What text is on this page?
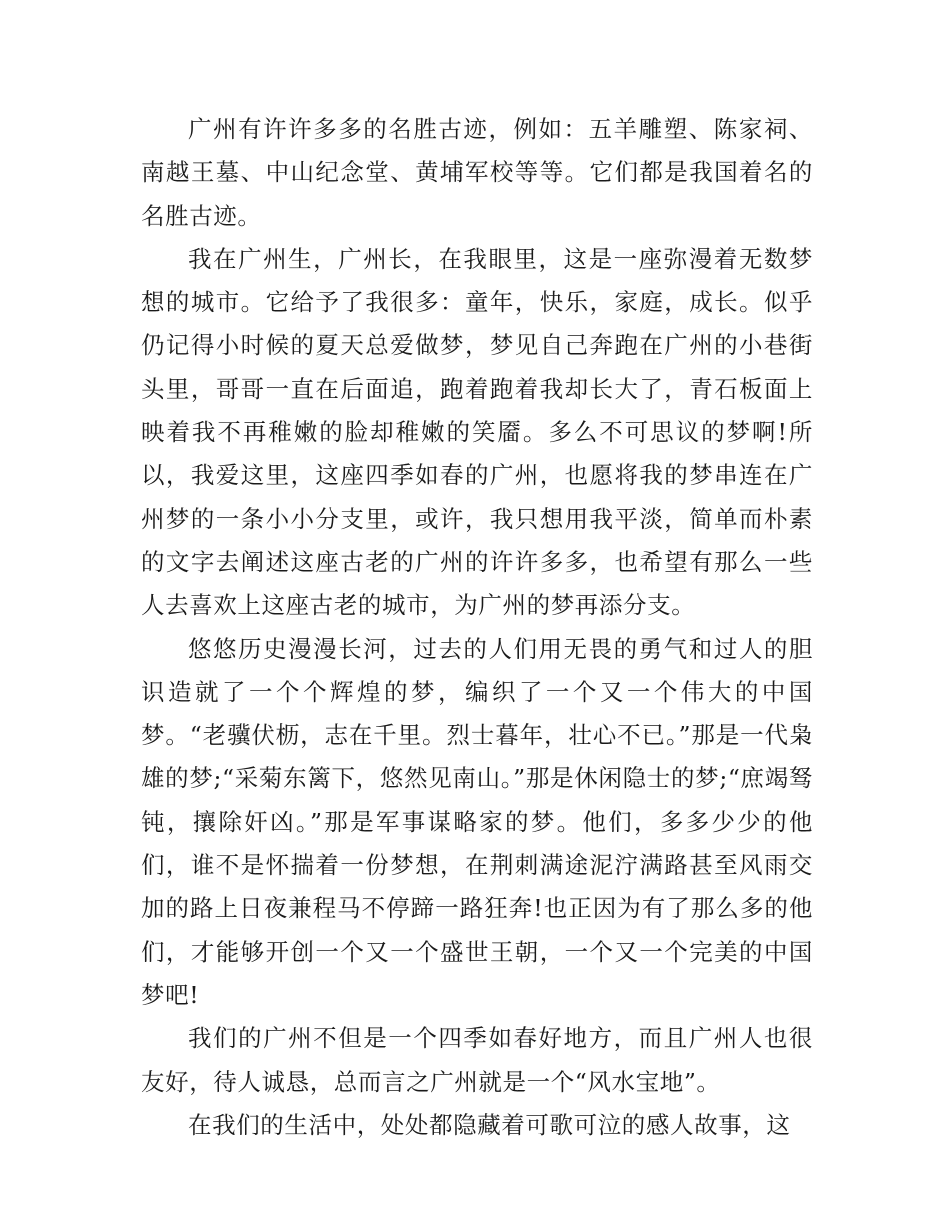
广州有许许多多的名胜古迹，例如：五羊雕塑、陈家祠、南越王墓、中山纪念堂、黄埔军校等等。它们都是我国着名的名胜古迹。

我在广州生，广州长，在我眼里，这是一座弥漫着无数梦想的城市。它给予了我很多：童年，快乐，家庭，成长。似乎仍记得小时候的夏天总爱做梦，梦见自己奔跑在广州的小巷街头里，哥哥一直在后面追，跑着跑着我却长大了，青石板面上映着我不再稚嫩的脸却稚嫩的笑靥。多么不可思议的梦啊!所以，我爱这里，这座四季如春的广州，也愿将我的梦串连在广州梦的一条小小分支里，或许，我只想用我平淡，简单而朴素的文字去阐述这座古老的广州的许许多多，也希望有那么一些人去喜欢上这座古老的城市，为广州的梦再添分支。

悠悠历史漫漫长河，过去的人们用无畏的勇气和过人的胆识造就了一个个辉煌的梦，编织了一个又一个伟大的中国梦。“老骥伏枥，志在千里。烈士暮年，壮心不已。”那是一代枭雄的梦;“采菊东篱下，悠然见南山。”那是休闲隐士的梦;“庶竭驽钝，攘除奸凶。”那是军事谋略家的梦。他们，多多少少的他们，谁不是怀揣着一份梦想，在荆刺满途泥泞满路甚至风雨交加的路上日夜兼程马不停蹄一路狂奔!也正因为有了那么多的他们，才能够开创一个又一个盛世王朝，一个又一个完美的中国梦吧!

我们的广州不但是一个四季如春好地方，而且广州人也很友好，待人诚恳，总而言之广州就是一个“风水宝地”。

在我们的生活中，处处都隐藏着可歌可泣的感人故事，这
